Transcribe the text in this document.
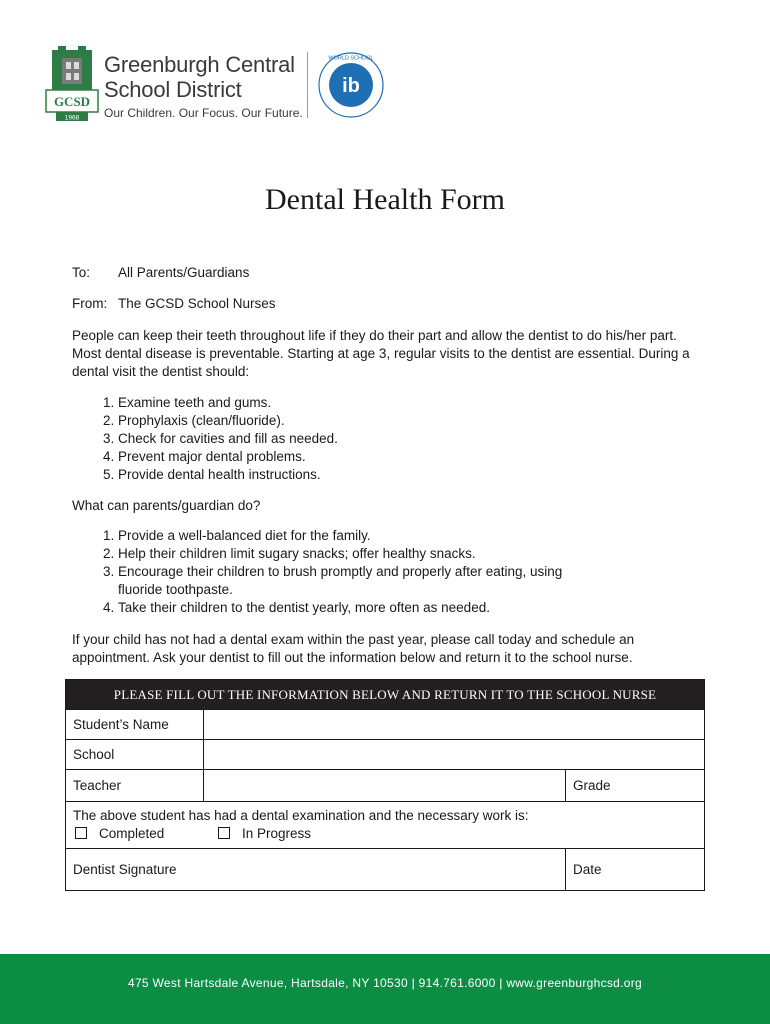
GCSD
1968
Greenburgh Central
School District
Our Children. Our Focus. Our Future.
ib
WORLD SCHOOL
Dental Health Form
To: All Parents/Guardians
From: The GCSD School Nurses
People can keep their teeth throughout life if they do their part and allow the dentist to do his/her part. Most dental disease is preventable. Starting at age 3, regular visits to the dentist are essential. During a dental visit the dentist should:
1. Examine teeth and gums.
2. Prophylaxis (clean/fluoride).
3. Check for cavities and fill as needed.
4. Prevent major dental problems.
5. Provide dental health instructions.
What can parents/guardian do?
1. Provide a well-balanced diet for the family.
2. Help their children limit sugary snacks; offer healthy snacks.
3. Encourage their children to brush promptly and properly after eating, using fluoride toothpaste.
4. Take their children to the dentist yearly, more often as needed.
If your child has not had a dental exam within the past year, please call today and schedule an appointment. Ask your dentist to fill out the information below and return it to the school nurse.
PLEASE FILL OUT THE INFORMATION BELOW AND RETURN IT TO THE SCHOOL NURSE
Student’s Name
School
Teacher	Grade
The above student has had a dental examination and the necessary work is:
Completed	In Progress
Dentist Signature	Date
475 West Hartsdale Avenue, Hartsdale, NY 10530 | 914.761.6000 | www.greenburghcsd.org
